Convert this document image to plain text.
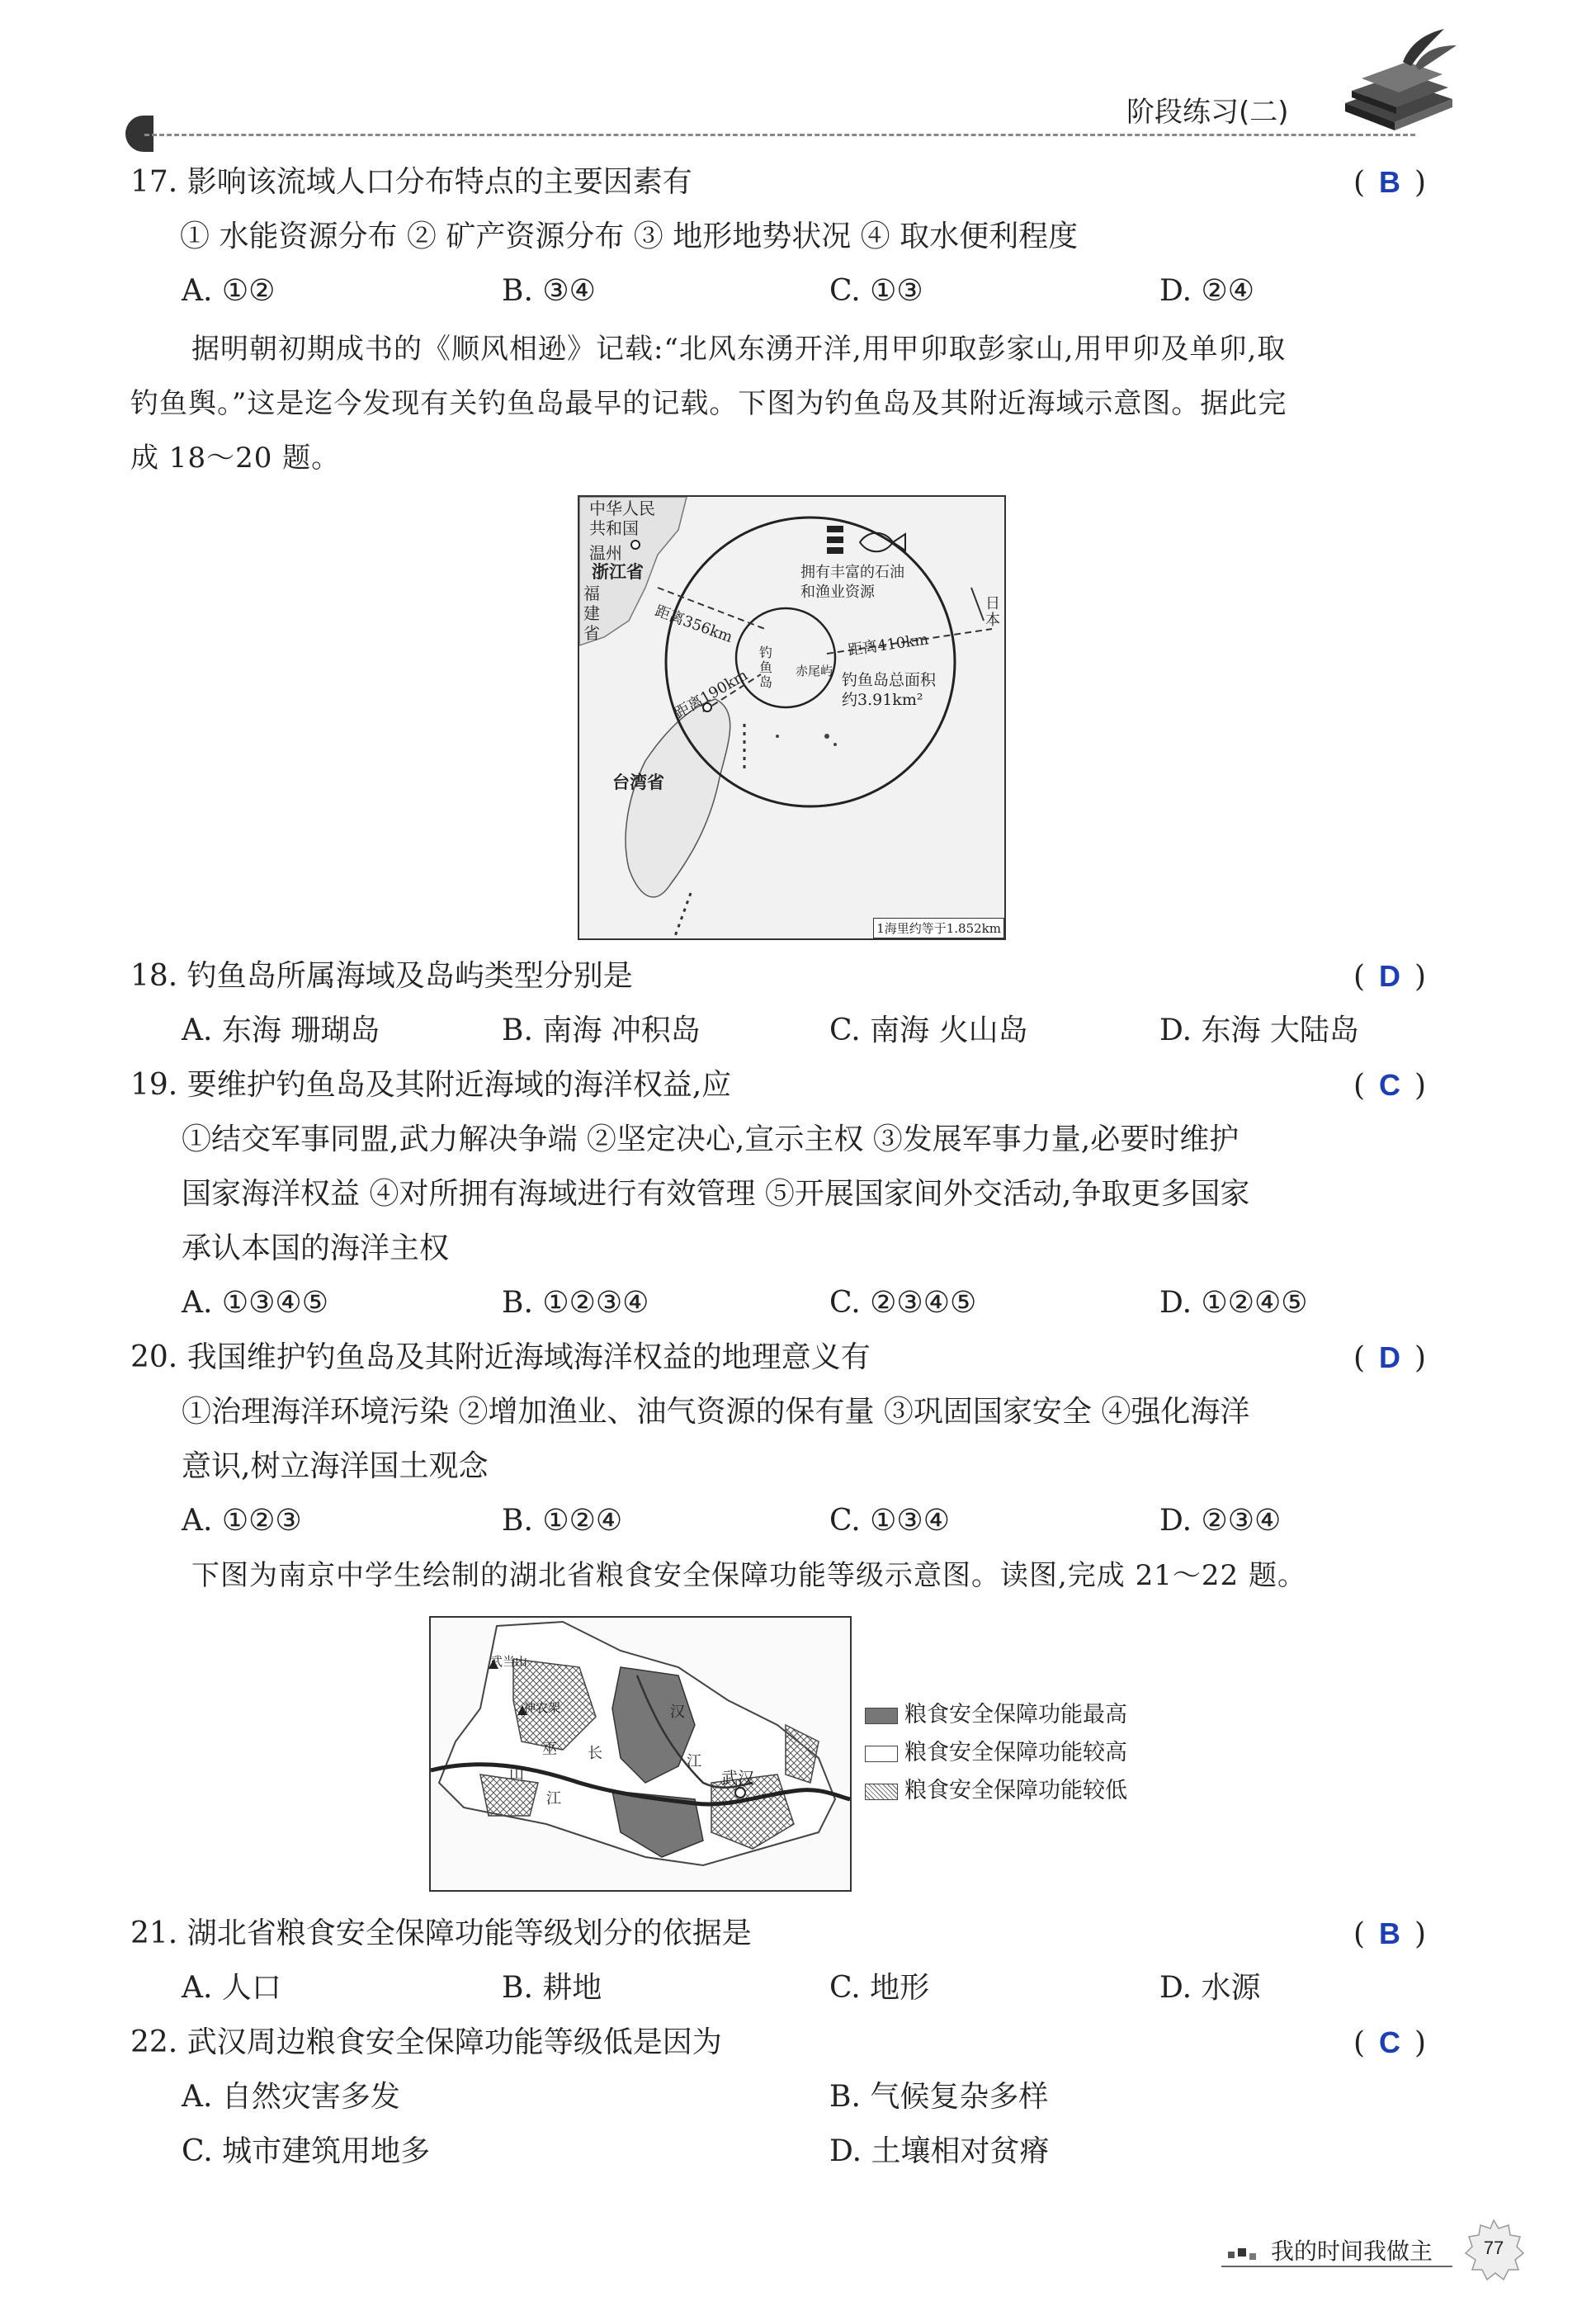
阶段练习(二)
17. 影响该流域人口分布特点的主要因素有	( B )
① 水能资源分布 ② 矿产资源分布 ③ 地形地势状况 ④ 取水便利程度
A. ①②	B. ③④	C. ①③	D. ②④
据明朝初期成书的《顺风相逊》记载:“北风东湧开洋,用甲卯取彭家山,用甲卯及单卯,取
钓鱼舆。”这是迄今发现有关钓鱼岛最早的记载。下图为钓鱼岛及其附近海域示意图。据此完
成 18～20 题。
中华人民
共和国
温州
浙江省
福
建
省
拥有丰富的石油
和渔业资源
距离356km	距离410km
距离190km
钓
鱼
岛
赤尾屿 钓鱼岛总面积
约3.91km²
日
本
台湾省
1海里约等于1.852km
18. 钓鱼岛所属海域及岛屿类型分别是	( D )
A. 东海 珊瑚岛	B. 南海 冲积岛	C. 南海 火山岛	D. 东海 大陆岛
19. 要维护钓鱼岛及其附近海域的海洋权益,应	( C )
①结交军事同盟,武力解决争端 ②坚定决心,宣示主权 ③发展军事力量,必要时维护
国家海洋权益 ④对所拥有海域进行有效管理 ⑤开展国家间外交活动,争取更多国家
承认本国的海洋主权
A. ①③④⑤	B. ①②③④	C. ②③④⑤	D. ①②④⑤
20. 我国维护钓鱼岛及其附近海域海洋权益的地理意义有	( D )
①治理海洋环境污染 ②增加渔业、油气资源的保有量 ③巩固国家安全 ④强化海洋
意识,树立海洋国土观念
A. ①②③	B. ①②④	C. ①③④	D. ②③④
下图为南京中学生绘制的湖北省粮食安全保障功能等级示意图。读图,完成 21～22 题。
武当山
神农架	汉
江
武汉
巫
山
长
江
粮食安全保障功能最高
粮食安全保障功能较高
粮食安全保障功能较低
21. 湖北省粮食安全保障功能等级划分的依据是	( B )
A. 人口	B. 耕地	C. 地形	D. 水源
22. 武汉周边粮食安全保障功能等级低是因为	( C )
A. 自然灾害多发	B. 气候复杂多样
C. 城市建筑用地多	D. 土壤相对贫瘠
我的时间我做主	77
